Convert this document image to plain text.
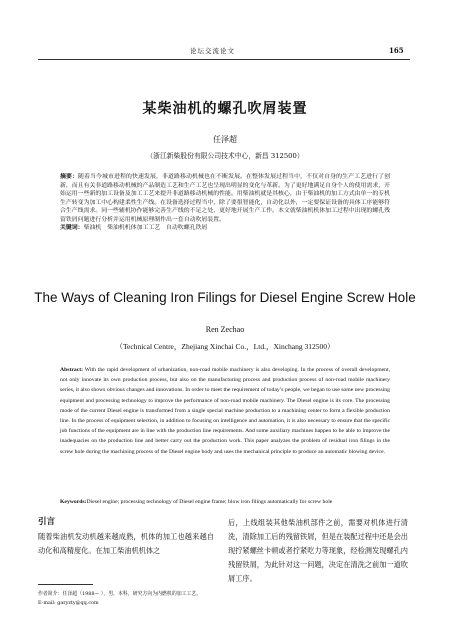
论坛交流论文	165
某柴油机的螺孔吹屑装置
任泽超
（浙江新柴股份有限公司技术中心，新昌 312500）
摘要：随着当今城市进程的快速发展，非道路移动机械也在不断发展。在整体发展过程当中，不仅对自身的生产工艺进行了创新，而且有关非道路移动机械的产品制造工艺和生产工艺也呈现出明显的变化与革新。为了更好地满足自身个人的使用需求，开始运用一些新的加工设备及加工工艺来提升非道路移动机械的性能。用柴油机就是其核心，由于柴油机的加工方式由单一的专机生产转变为加工中心构建柔性生产线。在设备选择过程当中，除了要很智能化，自动化以外，一定要保证设备的具体工序能够符合生产线需求。同一些辅机协作能够完善生产线的不足之处，更好地开展生产工作。本文就柴油机机体加工过程中出现的螺孔残留铁屑问题进行分析并运用机械原理制作出一套自动吹屑装置。
关键词：柴油机　柴油机机体加工工艺　自动吹螺孔铁屑
The Ways of Cleaning Iron Filings for Diesel Engine Screw Hole
Ren Zechao
（Technical Centre，Zhejiang Xinchai Co.，Ltd.，Xinchang 312500）
Abstract: With the rapid development of urbanization, non-road mobile machinery is also developing. In the process of overall development, not only innovate its own production process, but also on the manufacturing process and production process of non-road mobile machinery series, it also shows obvious changes and innovations. In order to meet the requirement of today’s people, we began to use some new processing equipment and processing technology to improve the performance of non-road mobile machinery. The Diesel engine is its core. The processing mode of the current Diesel engine is transformed from a single special machine production to a machining center to form a flexible production line. In the process of equipment selection, in addition to focusing on intelligence and automation, it is also necessary to ensure that the specific job functions of the equipment are in line with the production line requirements. And some auxiliary machines happen to be able to improve the inadequacies on the production line and better carry out the production work. This paper analyzes the problem of residual iron filings in the screw hole during the machining process of the Diesel engine body and uses the mechanical principle to produce an automatic blowing device.
Keywords:Diesel engine; processing technology of Diesel engine frame; blow iron filings automatically for screw hole
引言
随着柴油机发动机越来越成熟，机体的加工也越来越自动化和高精度化。在加工柴油机机体之
后，上线组装其他柴油机部件之前，需要对机体进行清洗，清除加工后的残留铁屑，但是在装配过程中还是会出现拧紧螺丝卡顿或者拧紧吃力等现象，经检测发现螺孔内残留铁屑，为此针对这一问题，决定在清洗之前加一道吹屑工序。
作者简介：任泽超（1988— ），男，本科，研究方向为内燃机的加工工艺。
E-mail: garyzty@qq.com
